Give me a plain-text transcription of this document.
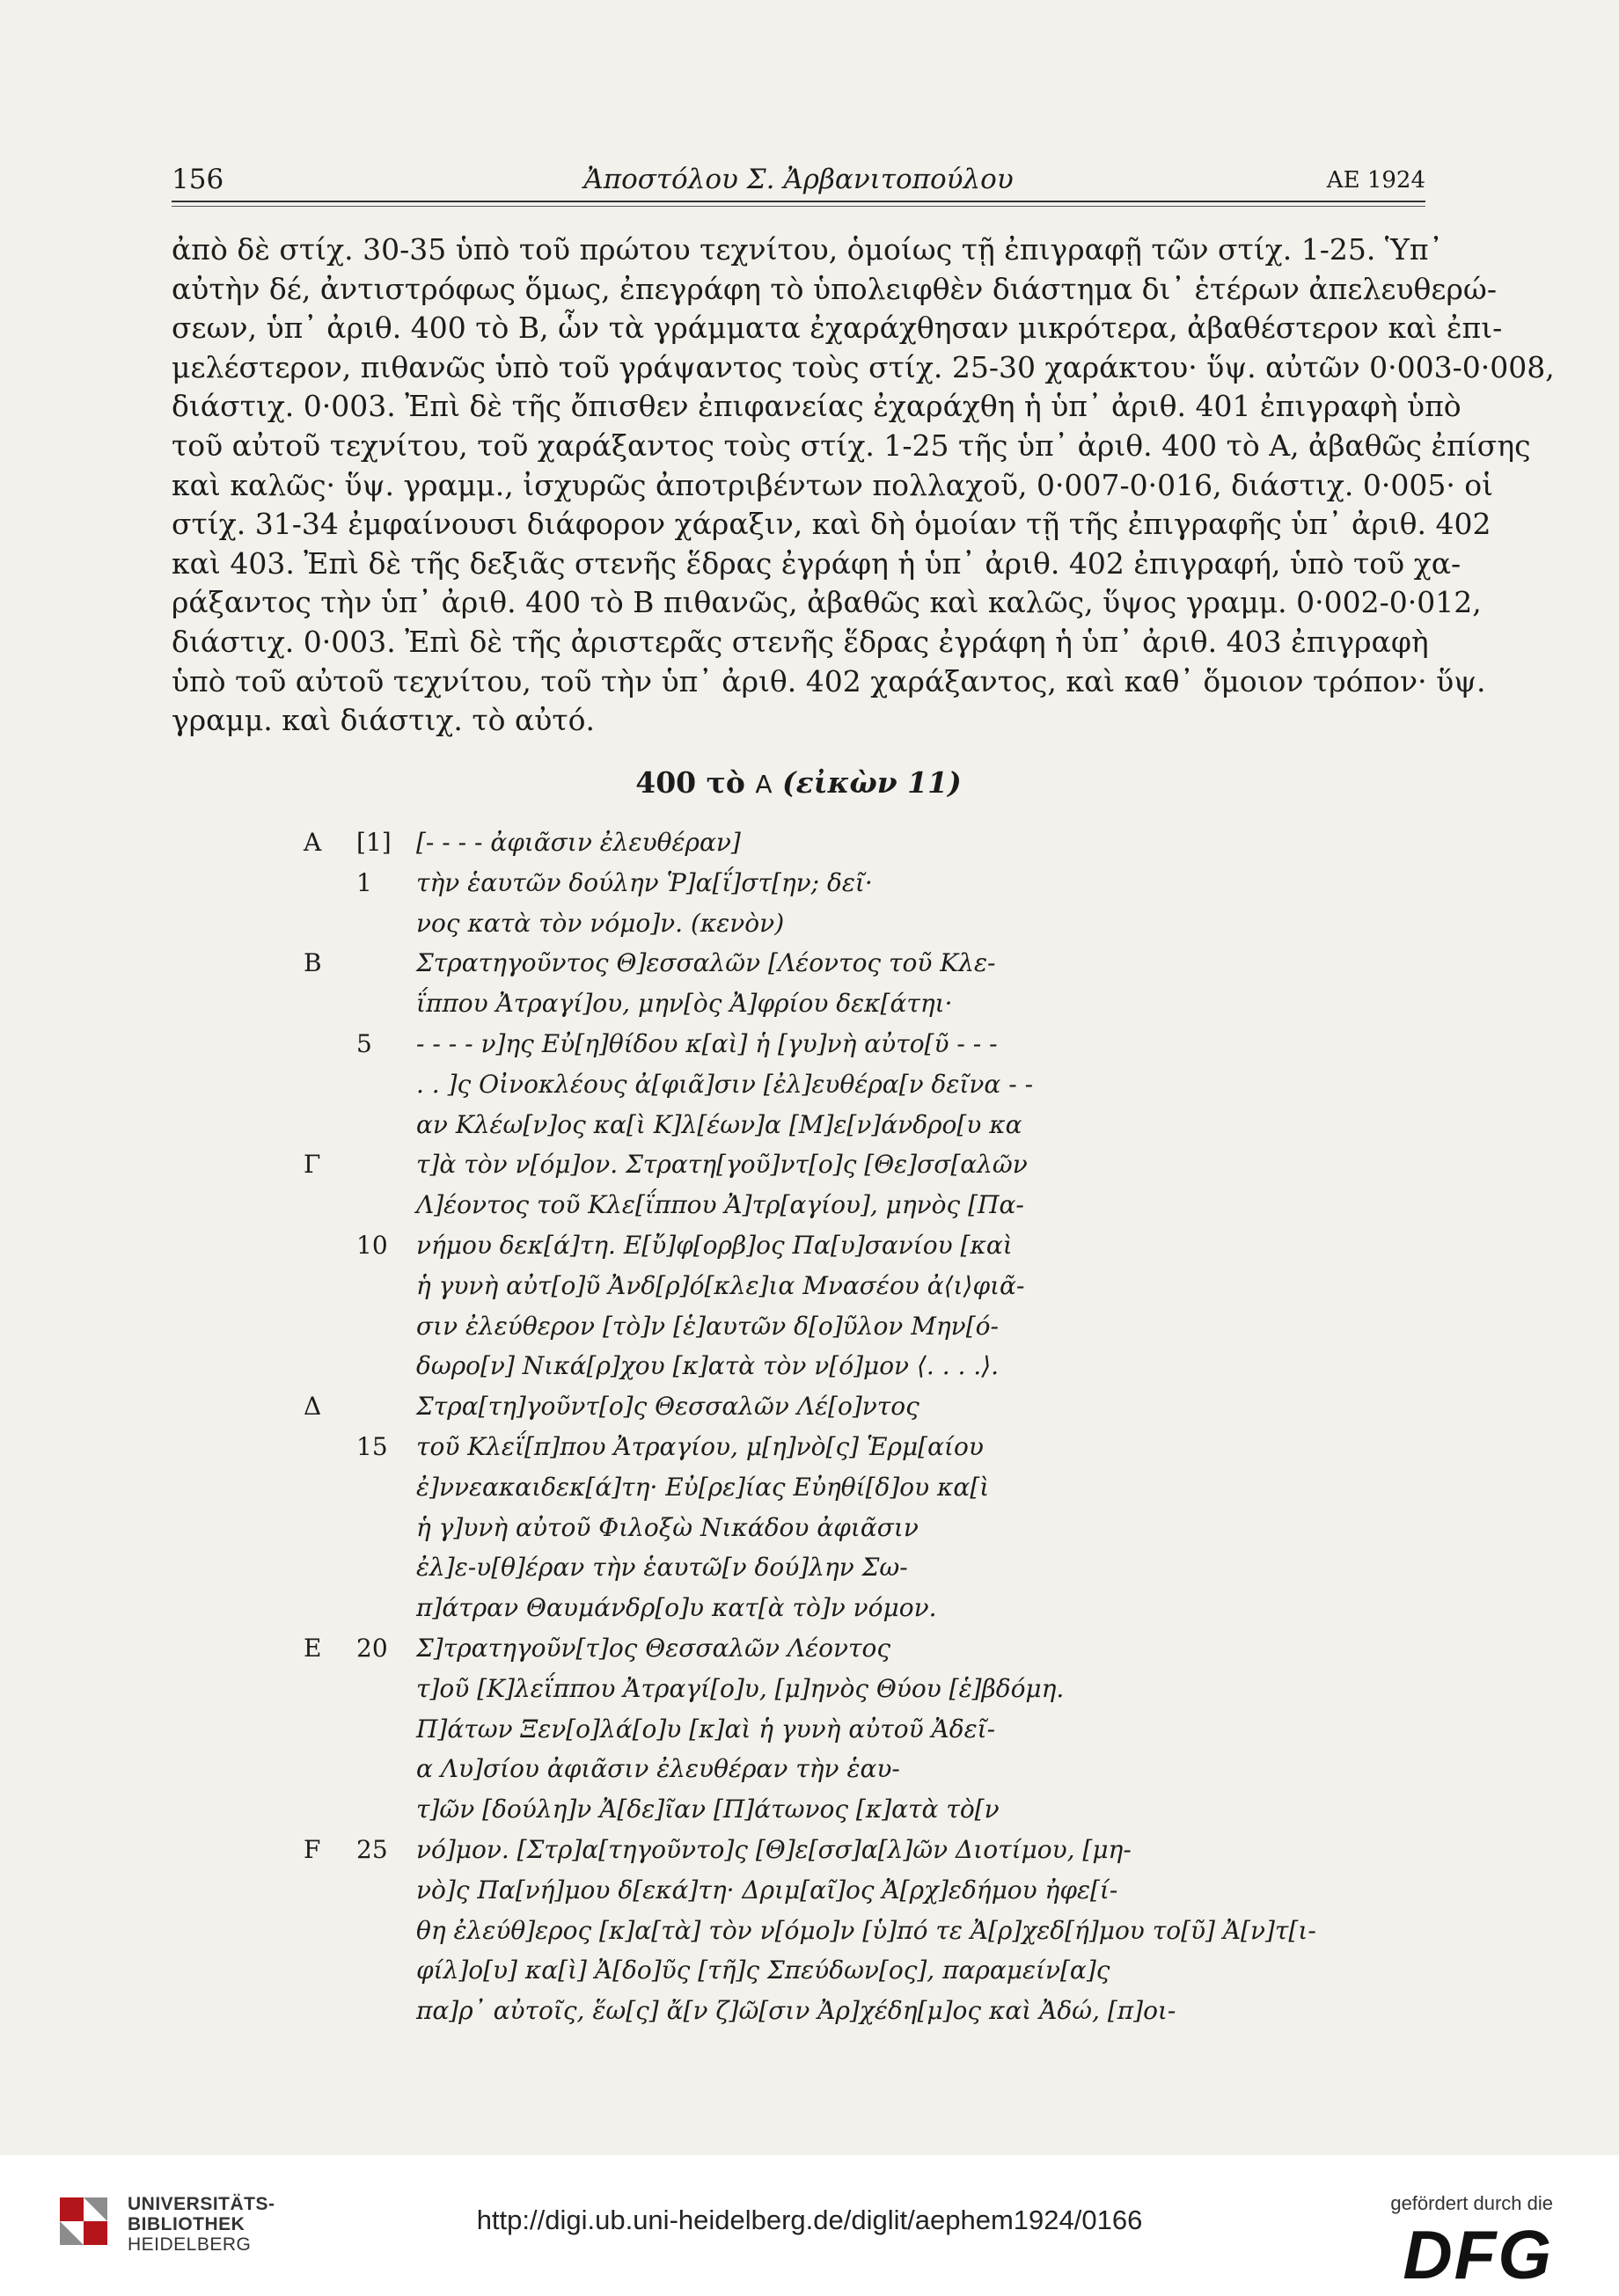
156	Ἀποστόλου Σ. Ἀρβανιτοπούλου	ΑΕ 1924
ἀπὸ δὲ στίχ. 30-35 ὑπὸ τοῦ πρώτου τεχνίτου, ὁμοίως τῇ ἐπιγραφῇ τῶν στίχ. 1-25. Ὑπ᾽
αὐτὴν δέ, ἀντιστρόφως ὅμως, ἐπεγράφη τὸ ὑπολειφθὲν διάστημα δι᾽ ἑτέρων ἀπελευθερώ-
σεων, ὑπ᾽ ἀριθ. 400 τὸ Β, ὧν τὰ γράμματα ἐχαράχθησαν μικρότερα, ἀβαθέστερον καὶ ἐπι-
μελέστερον, πιθανῶς ὑπὸ τοῦ γράψαντος τοὺς στίχ. 25-30 χαράκτου· ὕψ. αὐτῶν 0·003-0·008,
διάστιχ. 0·003. Ἐπὶ δὲ τῆς ὄπισθεν ἐπιφανείας ἐχαράχθη ἡ ὑπ᾽ ἀριθ. 401 ἐπιγραφὴ ὑπὸ
τοῦ αὐτοῦ τεχνίτου, τοῦ χαράξαντος τοὺς στίχ. 1-25 τῆς ὑπ᾽ ἀριθ. 400 τὸ Α, ἀβαθῶς ἐπίσης
καὶ καλῶς· ὕψ. γραμμ., ἰσχυρῶς ἀποτριβέντων πολλαχοῦ, 0·007-0·016, διάστιχ. 0·005· οἱ
στίχ. 31-34 ἐμφαίνουσι διάφορον χάραξιν, καὶ δὴ ὁμοίαν τῇ τῆς ἐπιγραφῆς ὑπ᾽ ἀριθ. 402
καὶ 403. Ἐπὶ δὲ τῆς δεξιᾶς στενῆς ἕδρας ἐγράφη ἡ ὑπ᾽ ἀριθ. 402 ἐπιγραφή, ὑπὸ τοῦ χα-
ράξαντος τὴν ὑπ᾽ ἀριθ. 400 τὸ Β πιθανῶς, ἀβαθῶς καὶ καλῶς, ὕψος γραμμ. 0·002-0·012,
διάστιχ. 0·003. Ἐπὶ δὲ τῆς ἀριστερᾶς στενῆς ἕδρας ἐγράφη ἡ ὑπ᾽ ἀριθ. 403 ἐπιγραφὴ
ὑπὸ τοῦ αὐτοῦ τεχνίτου, τοῦ τὴν ὑπ᾽ ἀριθ. 402 χαράξαντος, καὶ καθ᾽ ὅμοιον τρόπον· ὕψ.
γραμμ. καὶ διάστιχ. τὸ αὐτό.
400 τὸ Α (εἰκὼν 11)
Α	[1]	[- - - - ἀφιᾶσιν ἐλευθέραν]
1	τὴν ἑαυτῶν δούλην Ῥ]α[ΐ]στ[ην; δεῖ·
νος κατὰ τὸν νόμο]ν. (κενὸν)
Β	Στρατηγοῦντος Θ]εσσαλῶν [Λέοντος τοῦ Κλε-
ΐππου Ἀτραγί]ου, μην[ὸς Ἀ]φρίου δεκ[άτηι·
5	- - - - ν]ης Εὐ[η]θίδου κ[αὶ] ἡ [γυ]νὴ αὐτο[ῦ - - -
. . ]ς Οἰνοκλέους ἀ[φιᾶ]σιν [ἐλ]ευθέρα[ν δεῖνα - -
αν Κλέω[ν]ος κα[ὶ Κ]λ[έων]α [Μ]ε[ν]άνδρο[υ κα
Γ	τ]ὰ τὸν ν[όμ]ον. Στρατη[γοῦ]ντ[ο]ς [Θε]σσ[αλῶν
Λ]έοντος τοῦ Κλε[ΐππου Ἀ]τρ[αγίου], μηνὸς [Πα-
10	νήμου δεκ[ά]τη. Ε[ὔ]φ[ορβ]ος Πα[υ]σανίου [καὶ
ἡ γυνὴ αὐτ[ο]ῦ Ἀνδ[ρ]ό[κλε]ια Μνασέου ἀ⟨ι⟩φιᾶ-
σιν ἐλεύθερον [τὸ]ν [ἑ]αυτῶν δ[ο]ῦλον Μην[ό-
δωρο[ν] Νικά[ρ]χου [κ]ατὰ τὸν ν[ό]μον ⟨. . . .⟩.
Δ	Στρα[τη]γοῦντ[ο]ς Θεσσαλῶν Λέ[ο]ντος
15	τοῦ Κλεΐ[π]που Ἀτραγίου, μ[η]νὸ[ς] Ἑρμ[αίου
ἐ]ννεακαιδεκ[ά]τη· Εὐ[ρε]ίας Εὐηθί[δ]ου κα[ὶ
ἡ γ]υνὴ αὐτοῦ Φιλοξὼ Νικάδου ἀφιᾶσιν
ἐλ]ε-υ[θ]έραν τὴν ἑαυτῶ[ν δού]λην Σω-
π]άτραν Θαυμάνδρ[ο]υ κατ[ὰ τὸ]ν νόμον.
Ε	20	Σ]τρατηγοῦν[τ]ος Θεσσαλῶν Λέοντος
τ]οῦ [Κ]λεΐππου Ἀτραγί[ο]υ, [μ]ηνὸς Θύου [ἑ]βδόμη.
Π]άτων Ξεν[ο]λά[ο]υ [κ]αὶ ἡ γυνὴ αὐτοῦ Ἀδεῖ-
α Λυ]σίου ἀφιᾶσιν ἐλευθέραν τὴν ἑαυ-
τ]ῶν [δούλη]ν Ἀ[δε]ῖαν [Π]άτωνος [κ]ατὰ τὸ[ν
F	25	νό]μον. [Στρ]α[τηγοῦντο]ς [Θ]ε[σσ]α[λ]ῶν Διοτίμου, [μη-
νὸ]ς Πα[νή]μου δ[εκά]τη· Δριμ[αῖ]ος Ἀ[ρχ]εδήμου ἠφε[ί-
θη ἐλεύθ]ερος [κ]α[τὰ] τὸν ν[όμο]ν [ὑ]πό τε Ἀ[ρ]χεδ[ή]μου το[ῦ] Ἀ[ν]τ[ι-
φίλ]ο[υ] κα[ὶ] Ἀ[δο]ῦς [τῆ]ς Σπεύδων[ος], παραμείν[α]ς
πα]ρ᾽ αὐτοῖς, ἕω[ς] ἄ[ν ζ]ῶ[σιν Ἀρ]χέδη[μ]ος καὶ Ἀδώ, [π]οι-
UNIVERSITÄTS-
BIBLIOTHEK
HEIDELBERG
http://digi.ub.uni-heidelberg.de/diglit/aephem1924/0166
gefördert durch die
DFG
